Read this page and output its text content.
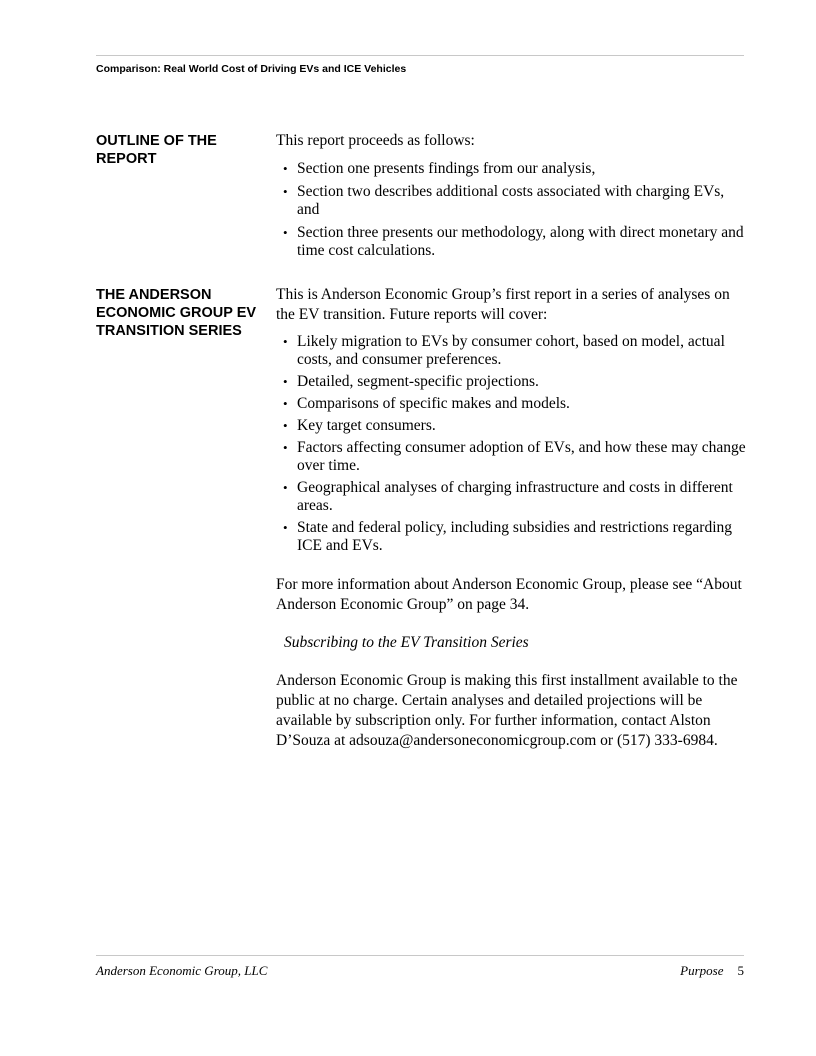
Comparison: Real World Cost of Driving EVs and ICE Vehicles
OUTLINE OF THE REPORT

This report proceeds as follows:

• Section one presents findings from our analysis,
• Section two describes additional costs associated with charging EVs, and
• Section three presents our methodology, along with direct monetary and time cost calculations.
THE ANDERSON ECONOMIC GROUP EV TRANSITION SERIES

This is Anderson Economic Group’s first report in a series of analyses on the EV transition. Future reports will cover:

• Likely migration to EVs by consumer cohort, based on model, actual costs, and consumer preferences.
• Detailed, segment-specific projections.
• Comparisons of specific makes and models.
• Key target consumers.
• Factors affecting consumer adoption of EVs, and how these may change over time.
• Geographical analyses of charging infrastructure and costs in different areas.
• State and federal policy, including subsidies and restrictions regarding ICE and EVs.

For more information about Anderson Economic Group, please see “About Anderson Economic Group” on page 34.

Subscribing to the EV Transition Series

Anderson Economic Group is making this first installment available to the public at no charge. Certain analyses and detailed projections will be available by subscription only. For further information, contact Alston D’Souza at adsouza@andersoneconomicgroup.com or (517) 333-6984.

Anderson Economic Group, LLC	Purpose 5
